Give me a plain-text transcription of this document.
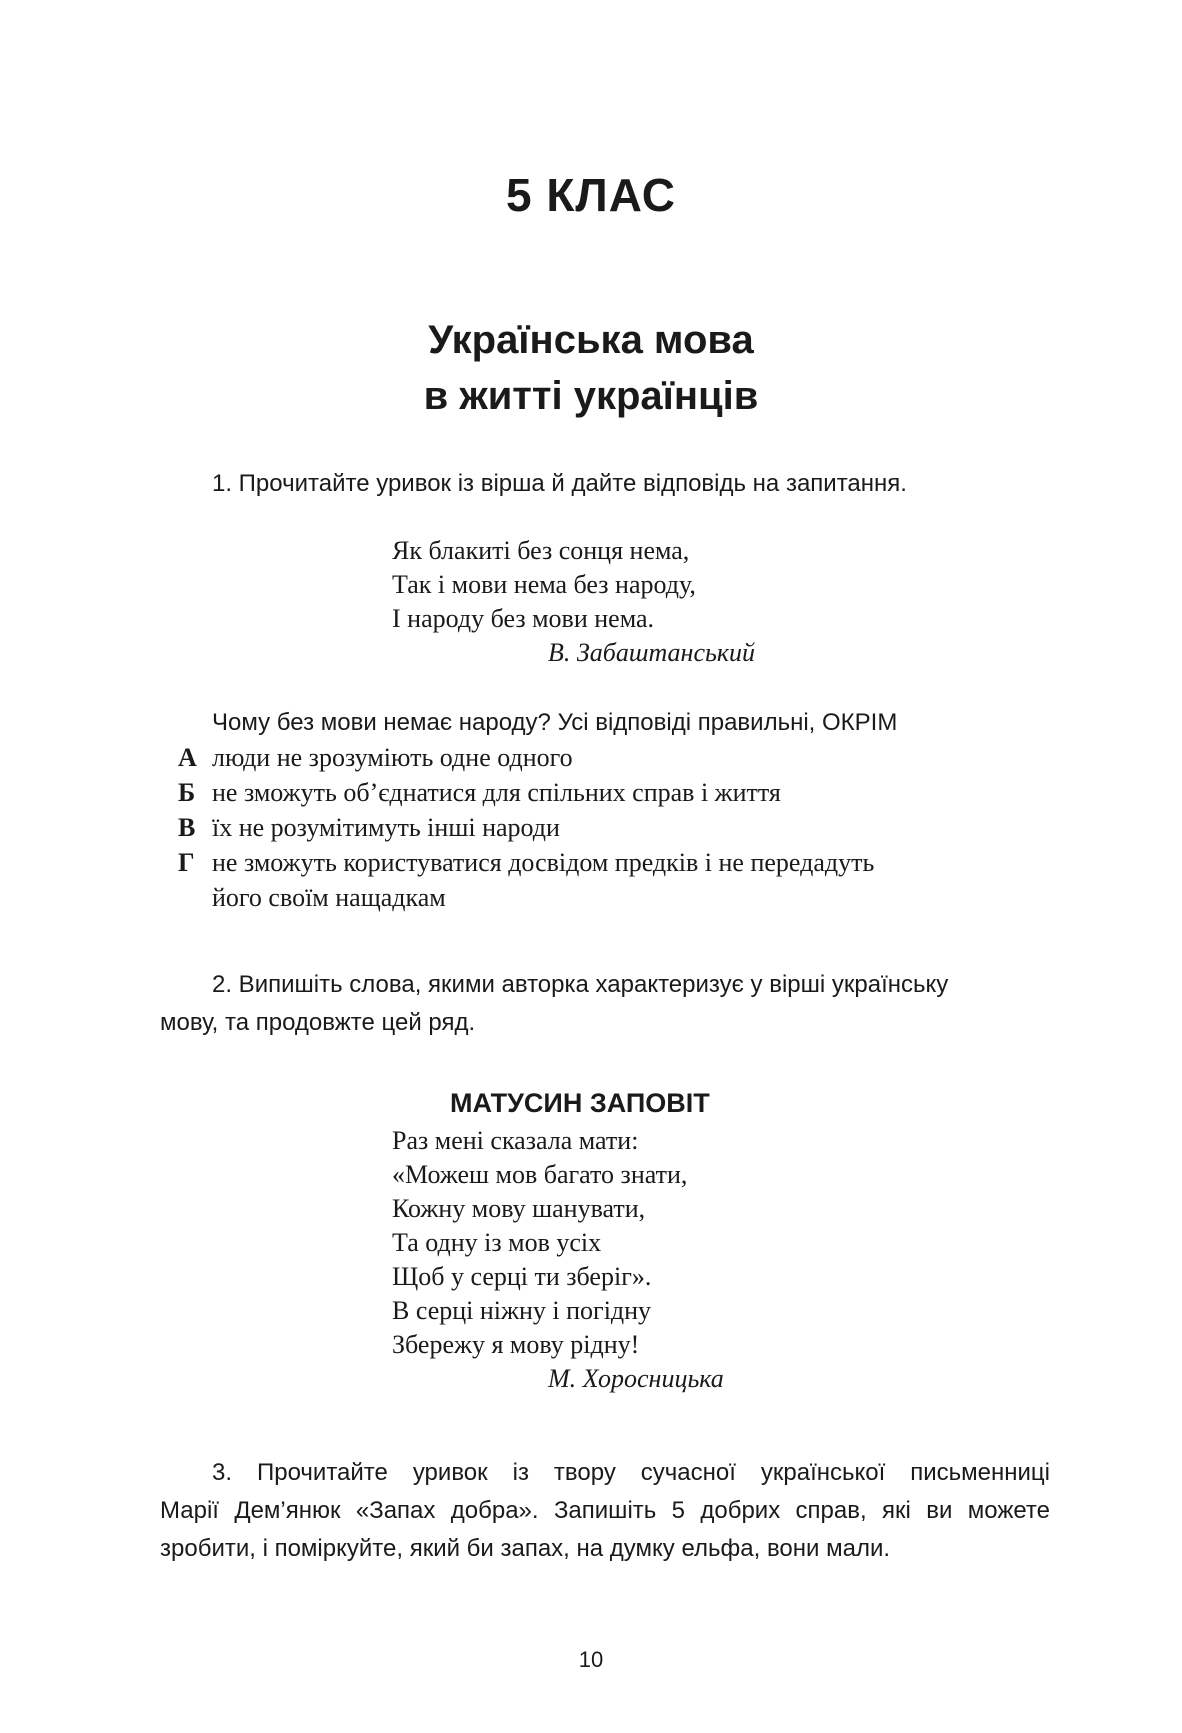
5 КЛАС
Українська мова
в житті українців

1. Прочитайте уривок із вірша й дайте відповідь на запитання.

Як блакиті без сонця нема,
Так і мови нема без народу,
І народу без мови нема.
В. Забаштанський

Чому без мови немає народу? Усі відповіді правильні, ОКРІМ

А люди не зрозуміють одне одного
Б не зможуть об’єднатися для спільних справ і життя
В їх не розумітимуть інші народи
Г не зможуть користуватися досвідом предків і не передадуть
його своїм нащадкам
2. Випишіть слова, якими авторка характеризує у вірші українську
мову, та продовжте цей ряд.
МАТУСИН ЗАПОВІТ
Раз мені сказала мати:
«Можеш мов багато знати,
Кожну мову шанувати,
Та одну із мов усіх
Щоб у серці ти зберіг».
В серці ніжну і погідну
Збережу я мову рідну!
М. Хоросницька
3. Прочитайте уривок із твору сучасної української письменниці
Марії Дем’янюк «Запах добра». Запишіть 5 добрих справ, які ви можете
зробити, і поміркуйте, який би запах, на думку ельфа, вони мали.
10
